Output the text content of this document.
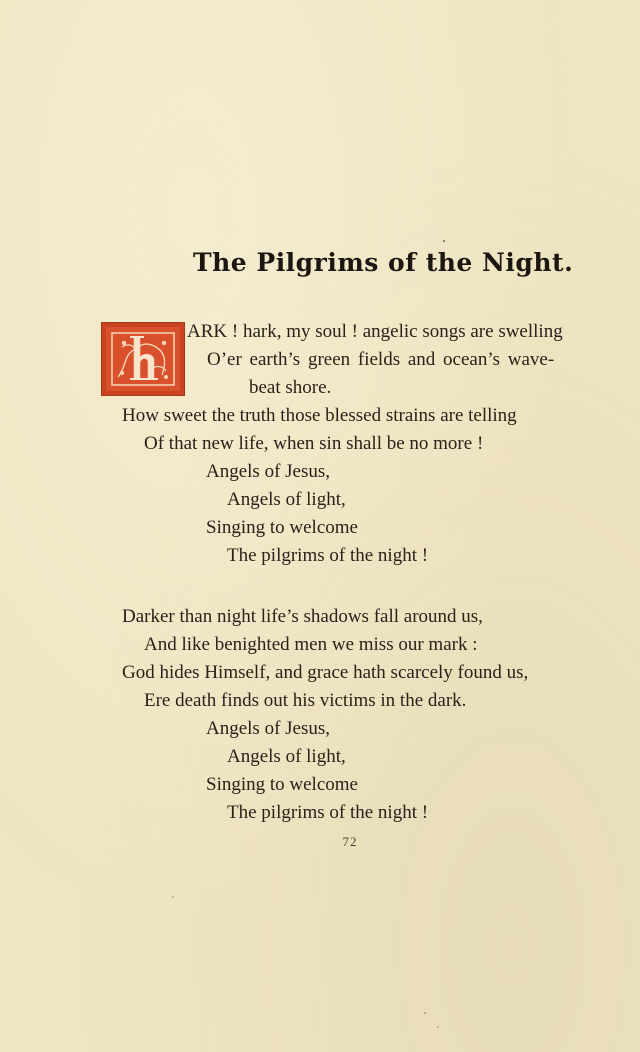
The Pilgrims of the Night.
ARK ! hark, my soul ! angelic songs are swelling
O’er earth’s green fields and ocean’s wave-
beat shore.
How sweet the truth those blessed strains are telling
Of that new life, when sin shall be no more !
Angels of Jesus,
Angels of light,
Singing to welcome
The pilgrims of the night !
Darker than night life’s shadows fall around us,
And like benighted men we miss our mark :
God hides Himself, and grace hath scarcely found us,
Ere death finds out his victims in the dark.
Angels of Jesus,
Angels of light,
Singing to welcome
The pilgrims of the night !
72
